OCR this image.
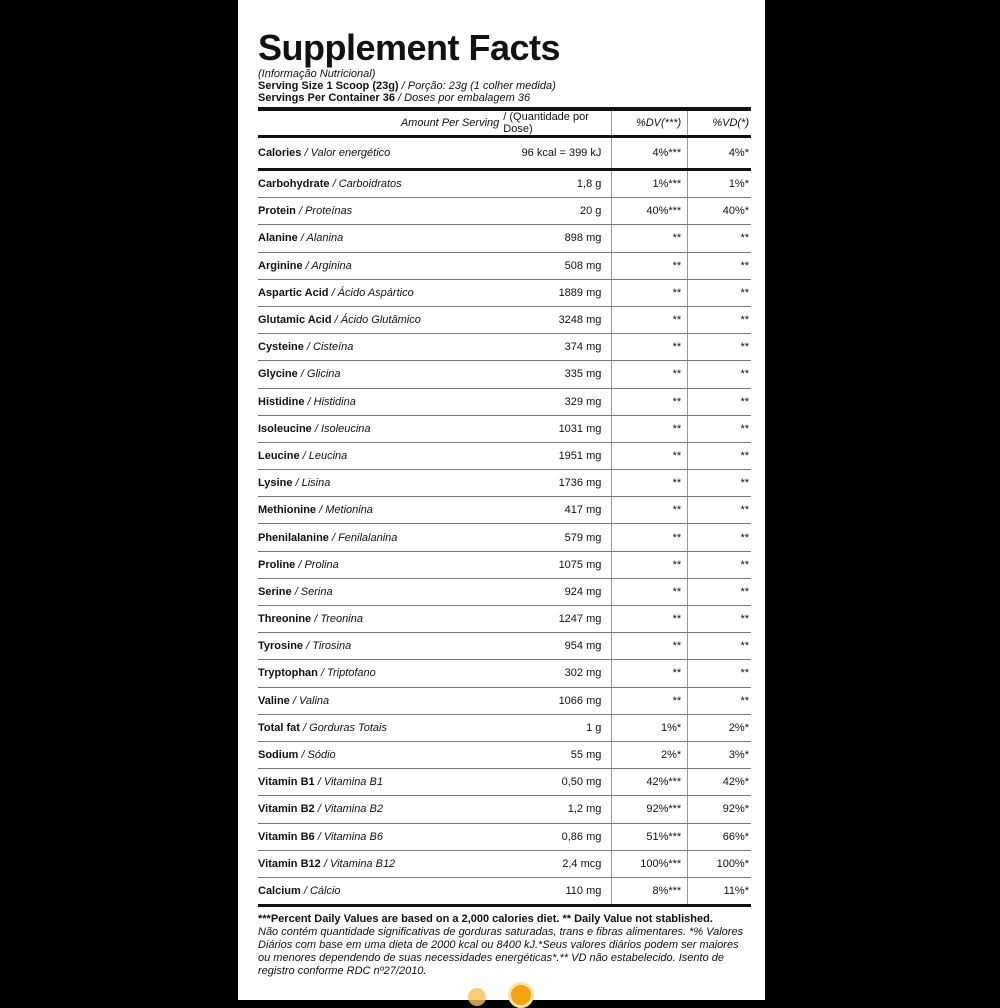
Supplement Facts
(Informação Nutricional)
Serving Size 1 Scoop (23g) / Porção: 23g (1 colher medida)
Servings Per Container 36 / Doses por embalagem 36
Amount Per Serving	/ (Quantidade por Dose)	%DV(***)	%VD(*)
Calories / Valor energético	96 kcal = 399 kJ	4%***	4%*
Carbohydrate / Carboidratos	1,8 g	1%***	1%*
Protein / Proteínas	20 g	40%***	40%*
Alanine / Alanina	898 mg	**	**
Arginine / Arginina	508 mg	**	**
Aspartic Acid / Ácido Aspártico	1889 mg	**	**
Glutamic Acid / Ácido Glutâmico	3248 mg	**	**
Cysteine / Cisteína	374 mg	**	**
Glycine / Glicina	335 mg	**	**
Histidine / Histidina	329 mg	**	**
Isoleucine / Isoleucina	1031 mg	**	**
Leucine / Leucina	1951 mg	**	**
Lysine / Lisina	1736 mg	**	**
Methionine / Metionina	417 mg	**	**
Phenilalanine / Fenilalanina	579 mg	**	**
Proline / Prolina	1075 mg	**	**
Serine / Serina	924 mg	**	**
Threonine / Treonina	1247 mg	**	**
Tyrosine / Tirosina	954 mg	**	**
Tryptophan / Triptofano	302 mg	**	**
Valine / Valina	1066 mg	**	**
Total fat / Gorduras Totais	1 g	1%*	2%*
Sodium / Sódio	55 mg	2%*	3%*
Vitamin B1 / Vitamina B1	0,50 mg	42%***	42%*
Vitamin B2 / Vitamina B2	1,2 mg	92%***	92%*
Vitamin B6 / Vitamina B6	0,86 mg	51%***	66%*
Vitamin B12 / Vitamina B12	2,4 mcg	100%***	100%*
Calcium / Cálcio	110 mg	8%***	11%*
***Percent Daily Values are based on a 2,000 calories diet. ** Daily Value not stablished.
Não contém quantidade significativas de gorduras saturadas, trans e fibras alimentares. *% Valores Diários com base em uma dieta de 2000 kcal ou 8400 kJ.*Seus valores diários podem ser maiores ou menores dependendo de suas necessidades energéticas*.** VD não estabelecido. Isento de registro conforme RDC nº27/2010.
